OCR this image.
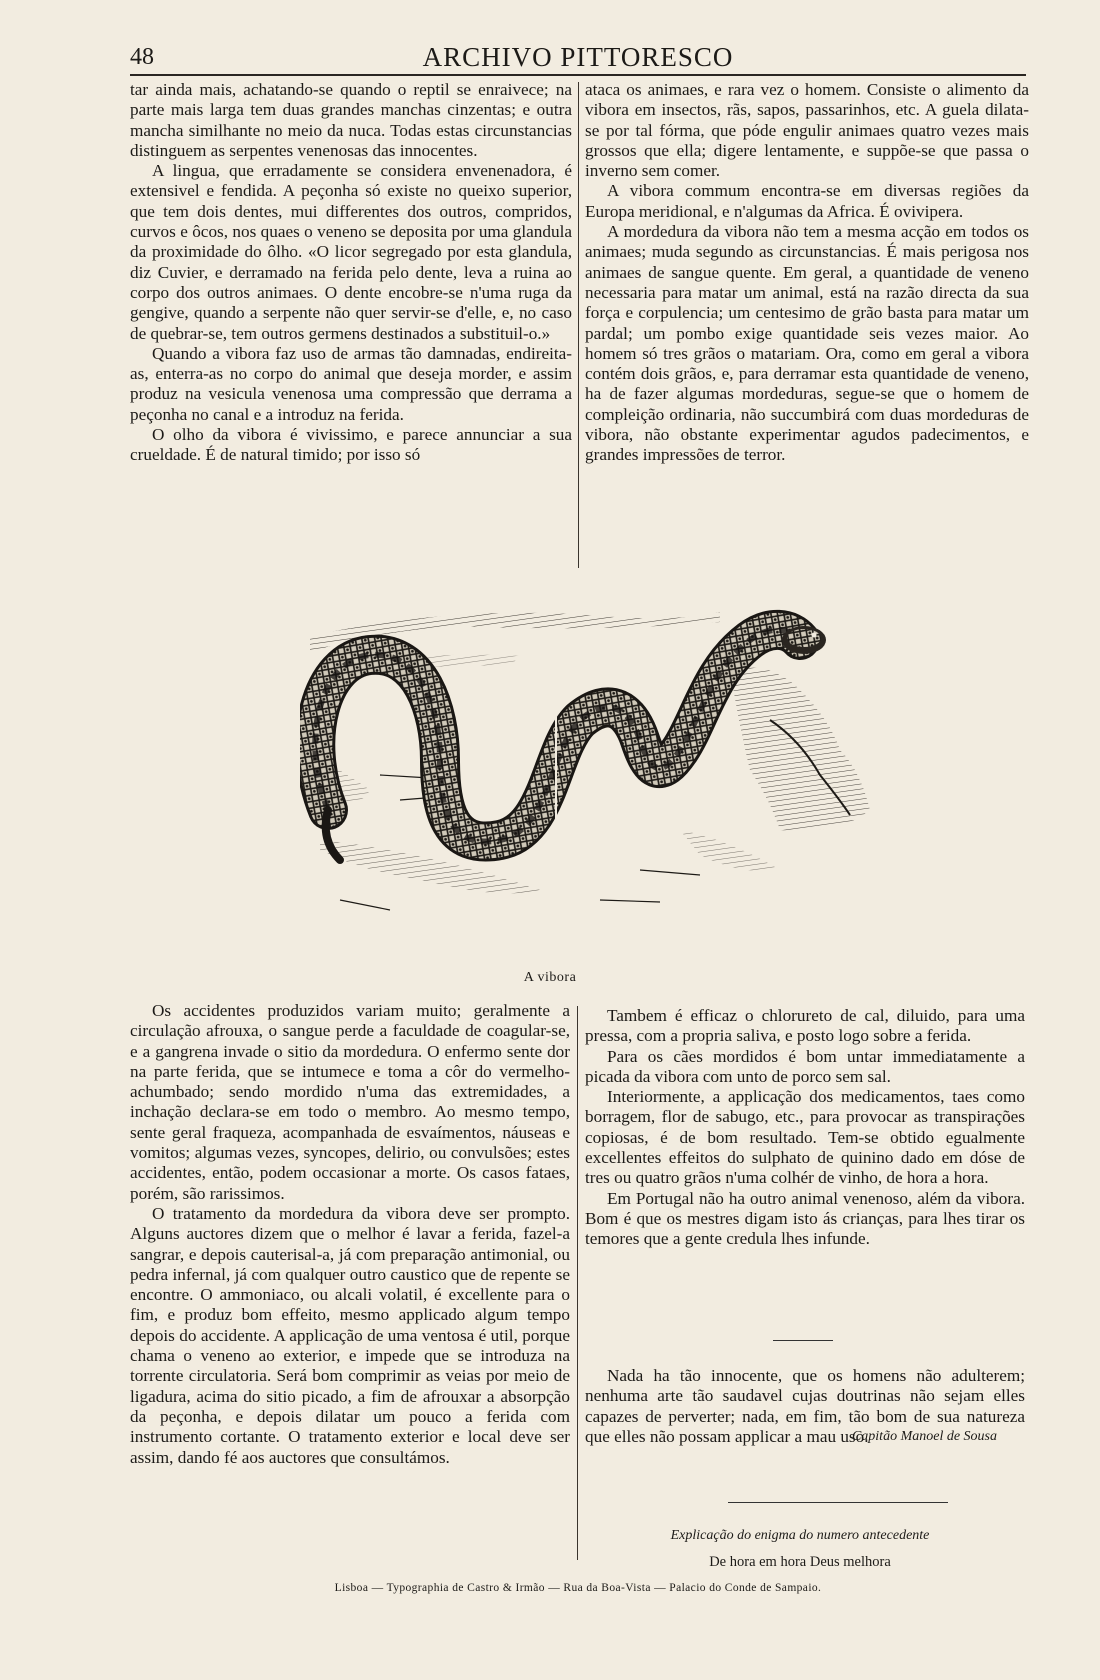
48	ARCHIVO PITTORESCO

tar ainda mais, achatando-se quando o reptil se enraivece; na parte mais larga tem duas grandes manchas cinzentas; e outra mancha similhante no meio da nuca. Todas estas circunstancias distinguem as serpentes venenosas das innocentes.

A lingua, que erradamente se considera envenenadora, é extensivel e fendida. A peçonha só existe no queixo superior, que tem dois dentes, mui differentes dos outros, compridos, curvos e ôcos, nos quaes o veneno se deposita por uma glandula da proximidade do ôlho. «O licor segregado por esta glandula, diz Cuvier, e derramado na ferida pelo dente, leva a ruina ao corpo dos outros animaes. O dente encobre-se n'uma ruga da gengive, quando a serpente não quer servir-se d'elle, e, no caso de quebrar-se, tem outros germens destinados a substituil-o.»

Quando a vibora faz uso de armas tão damnadas, endireita-as, enterra-as no corpo do animal que deseja morder, e assim produz na vesicula venenosa uma compressão que derrama a peçonha no canal e a introduz na ferida.

O olho da vibora é vivissimo, e parece annunciar a sua crueldade. É de natural timido; por isso só

ataca os animaes, e rara vez o homem. Consiste o alimento da vibora em insectos, rãs, sapos, passarinhos, etc. A guela dilata-se por tal fórma, que póde engulir animaes quatro vezes mais grossos que ella; digere lentamente, e suppõe-se que passa o inverno sem comer.

A vibora commum encontra-se em diversas regiões da Europa meridional, e n'algumas da Africa. É ovivipera.

A mordedura da vibora não tem a mesma acção em todos os animaes; muda segundo as circunstancias. É mais perigosa nos animaes de sangue quente. Em geral, a quantidade de veneno necessaria para matar um animal, está na razão directa da sua força e corpulencia; um centesimo de grão basta para matar um pardal; um pombo exige quantidade seis vezes maior. Ao homem só tres grãos o matariam. Ora, como em geral a vibora contém dois grãos, e, para derramar esta quantidade de veneno, ha de fazer algumas mordeduras, segue-se que o homem de compleição ordinaria, não succumbirá com duas mordeduras de vibora, não obstante experimentar agudos padecimentos, e grandes impressões de terror.

A vibora

Os accidentes produzidos variam muito; geralmente a circulação afrouxa, o sangue perde a faculdade de coagular-se, e a gangrena invade o sitio da mordedura. O enfermo sente dor na parte ferida, que se intumece e toma a côr do vermelho-achumbado; sendo mordido n'uma das extremidades, a inchação declara-se em todo o membro. Ao mesmo tempo, sente geral fraqueza, acompanhada de esvaímentos, náuseas e vomitos; algumas vezes, syncopes, delirio, ou convulsões; estes accidentes, então, podem occasionar a morte. Os casos fataes, porém, são rarissimos.

O tratamento da mordedura da vibora deve ser prompto. Alguns auctores dizem que o melhor é lavar a ferida, fazel-a sangrar, e depois cauterisal-a, já com preparação antimonial, ou pedra infernal, já com qualquer outro caustico que de repente se encontre. O ammoniaco, ou alcali volatil, é excellente para o fim, e produz bom effeito, mesmo applicado algum tempo depois do accidente. A applicação de uma ventosa é util, porque chama o veneno ao exterior, e impede que se introduza na torrente circulatoria. Será bom comprimir as veias por meio de ligadura, acima do sitio picado, a fim de afrouxar a absorpção da peçonha, e depois dilatar um pouco a ferida com instrumento cortante. O tratamento exterior e local deve ser assim, dando fé aos auctores que consultámos.

Tambem é efficaz o chlorureto de cal, diluido, para uma pressa, com a propria saliva, e posto logo sobre a ferida.

Para os cães mordidos é bom untar immediatamente a picada da vibora com unto de porco sem sal.

Interiormente, a applicação dos medicamentos, taes como borragem, flor de sabugo, etc., para provocar as transpirações copiosas, é de bom resultado. Tem-se obtido egualmente excellentes effeitos do sulphato de quinino dado em dóse de tres ou quatro grãos n'uma colhér de vinho, de hora a hora.

Em Portugal não ha outro animal venenoso, além da vibora. Bom é que os mestres digam isto ás crianças, para lhes tirar os temores que a gente credula lhes infunde.

Nada ha tão innocente, que os homens não adulterem; nenhuma arte tão saudavel cujas doutrinas não sejam elles capazes de perverter; nada, em fim, tão bom de sua natureza que elles não possam applicar a mau uso.

Capitão Manoel de Sousa
Explicação do enigma do numero antecedente
De hora em hora Deus melhora
Lisboa — Typographia de Castro & Irmão — Rua da Boa-Vista — Palacio do Conde de Sampaio.
